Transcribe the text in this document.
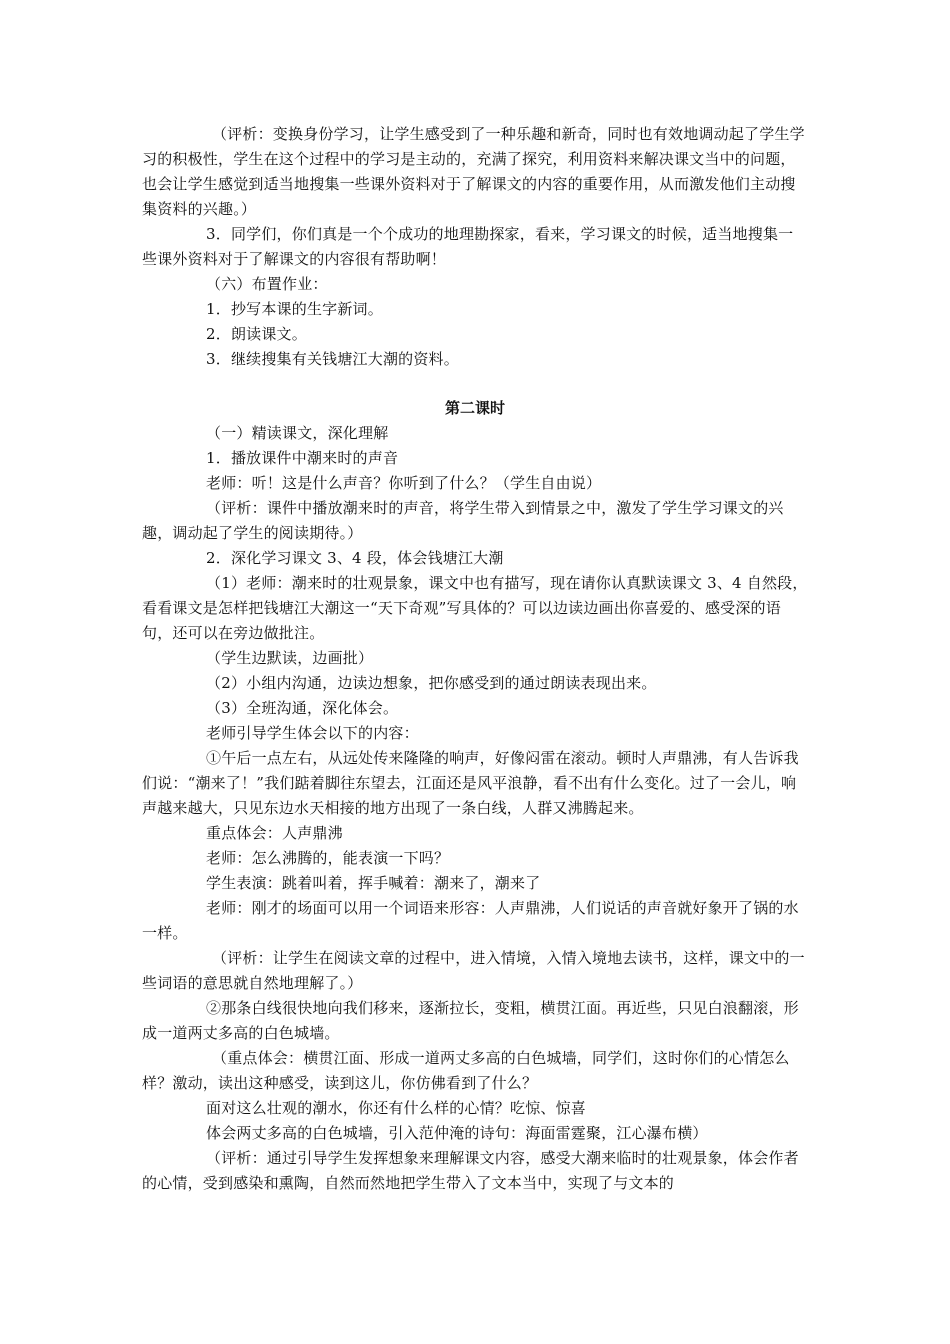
（评析：变换身份学习，让学生感受到了一种乐趣和新奇，同时也有效地调动起了学生学习的积极性，学生在这个过程中的学习是主动的，充满了探究，利用资料来解决课文当中的问题，也会让学生感觉到适当地搜集一些课外资料对于了解课文的内容的重要作用，从而激发他们主动搜集资料的兴趣。）

3．同学们，你们真是一个个成功的地理勘探家，看来，学习课文的时候，适当地搜集一些课外资料对于了解课文的内容很有帮助啊！

（六）布置作业：

1．抄写本课的生字新词。

2．朗读课文。

3．继续搜集有关钱塘江大潮的资料。

第二课时

（一）精读课文，深化理解

1．播放课件中潮来时的声音

老师：听！这是什么声音？你听到了什么？（学生自由说）

（评析：课件中播放潮来时的声音，将学生带入到情景之中，激发了学生学习课文的兴趣，调动起了学生的阅读期待。）

2．深化学习课文 3、4 段，体会钱塘江大潮

（1）老师：潮来时的壮观景象，课文中也有描写，现在请你认真默读课文 3、4 自然段，看看课文是怎样把钱塘江大潮这一“天下奇观”写具体的？可以边读边画出你喜爱的、感受深的语句，还可以在旁边做批注。

（学生边默读，边画批）

（2）小组内沟通，边读边想象，把你感受到的通过朗读表现出来。

（3）全班沟通，深化体会。

老师引导学生体会以下的内容：

①午后一点左右，从远处传来隆隆的响声，好像闷雷在滚动。顿时人声鼎沸，有人告诉我们说：“潮来了！”我们踮着脚往东望去，江面还是风平浪静，看不出有什么变化。过了一会儿，响声越来越大，只见东边水天相接的地方出现了一条白线，人群又沸腾起来。

重点体会：人声鼎沸

老师：怎么沸腾的，能表演一下吗？

学生表演：跳着叫着，挥手喊着：潮来了，潮来了

老师：刚才的场面可以用一个词语来形容：人声鼎沸，人们说话的声音就好象开了锅的水一样。

（评析：让学生在阅读文章的过程中，进入情境，入情入境地去读书，这样，课文中的一些词语的意思就自然地理解了。）

②那条白线很快地向我们移来，逐渐拉长，变粗，横贯江面。再近些，只见白浪翻滚，形成一道两丈多高的白色城墙。

（重点体会：横贯江面、形成一道两丈多高的白色城墙，同学们，这时你们的心情怎么样？激动，读出这种感受，读到这儿，你仿佛看到了什么？

面对这么壮观的潮水，你还有什么样的心情？吃惊、惊喜

体会两丈多高的白色城墙，引入范仲淹的诗句：海面雷霆聚，江心瀑布横）

（评析：通过引导学生发挥想象来理解课文内容，感受大潮来临时的壮观景象，体会作者的心情，受到感染和熏陶，自然而然地把学生带入了文本当中，实现了与文本的
